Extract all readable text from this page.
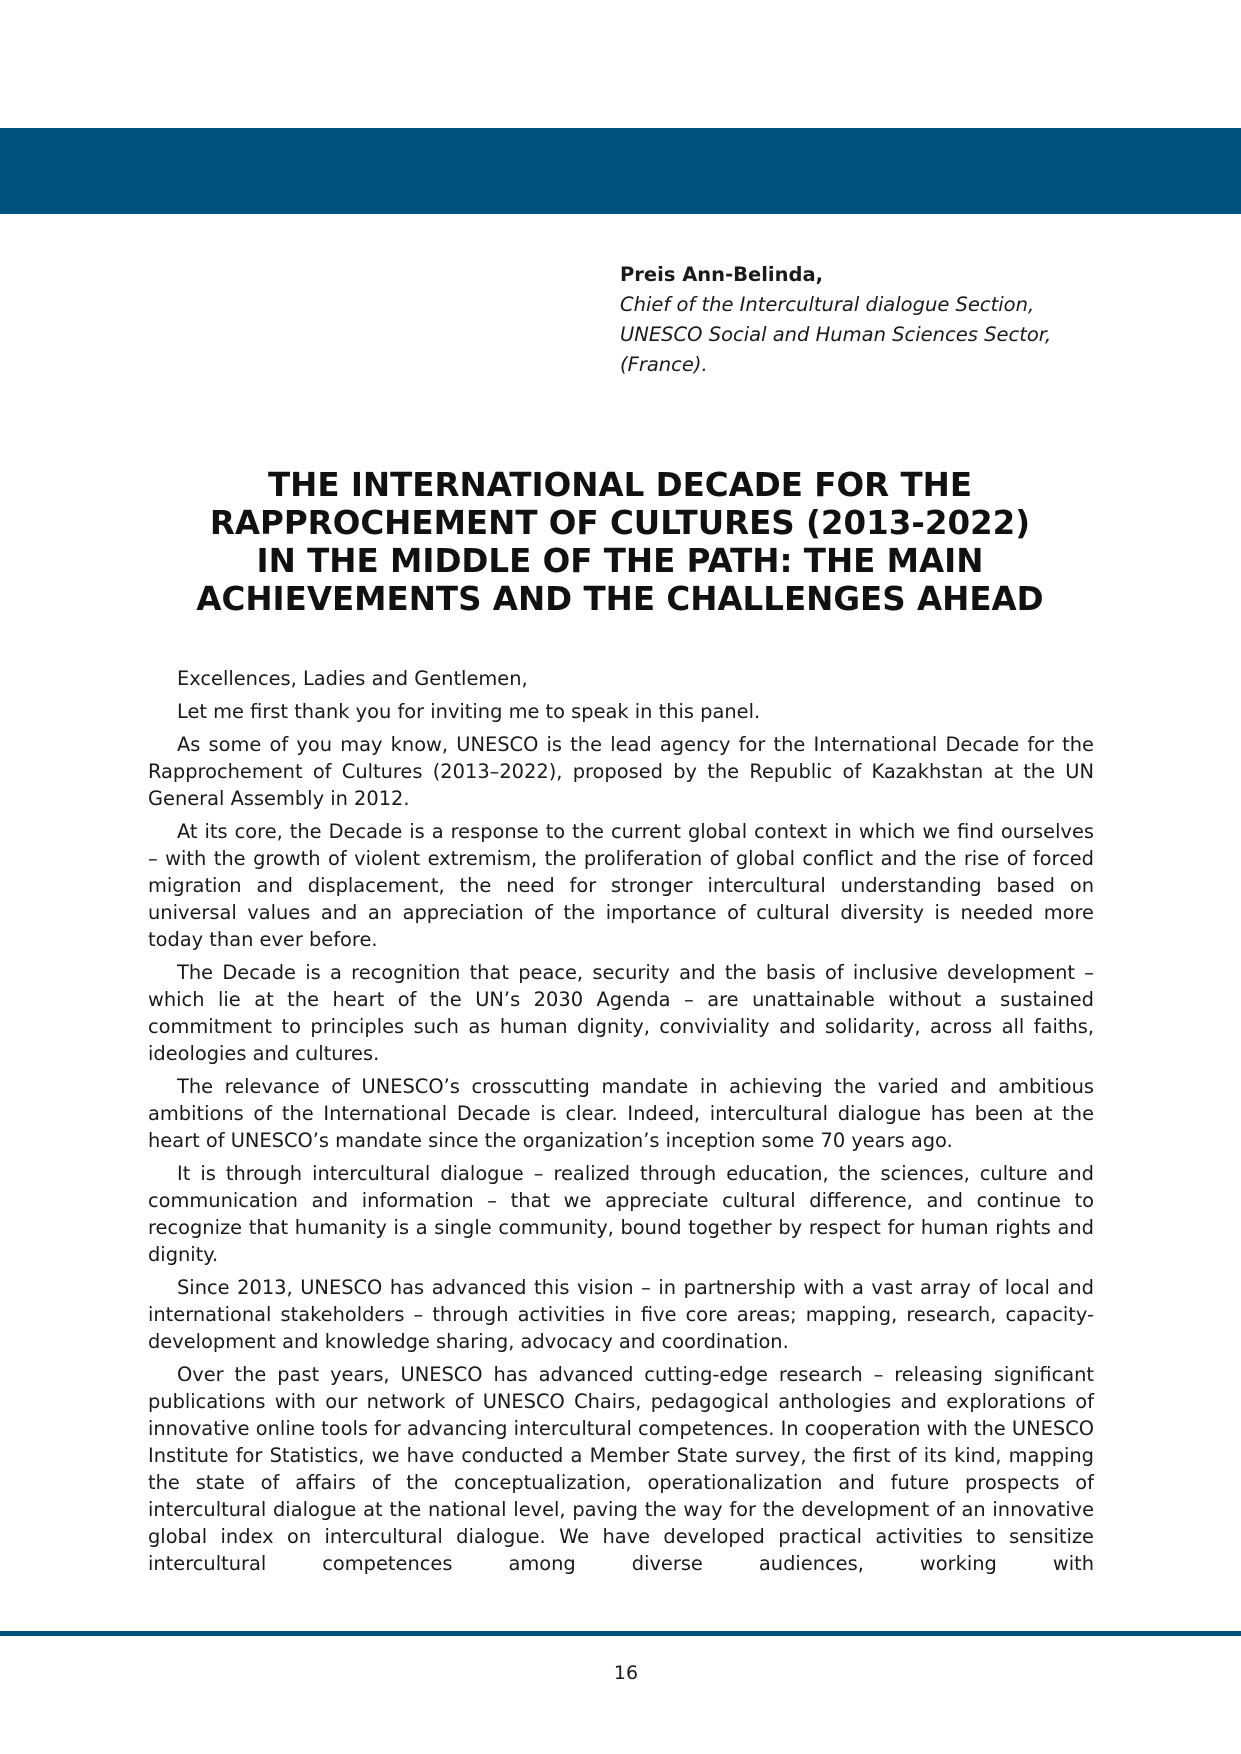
Preis Ann-Belinda,
Chief of the Intercultural dialogue Section,
UNESCO Social and Human Sciences Sector,
(France).
THE INTERNATIONAL DECADE FOR THE
RAPPROCHEMENT OF CULTURES (2013-2022)
IN THE MIDDLE OF THE PATH: THE MAIN
ACHIEVEMENTS AND THE CHALLENGES AHEAD

Excellences, Ladies and Gentlemen,

Let me first thank you for inviting me to speak in this panel.

As some of you may know, UNESCO is the lead agency for the International Decade for the Rapprochement of Cultures (2013–2022), proposed by the Republic of Kazakhstan at the UN General Assembly in 2012.

At its core, the Decade is a response to the current global context in which we find ourselves – with the growth of violent extremism, the proliferation of global conflict and the rise of forced migration and displacement, the need for stronger intercultural understanding based on universal values and an appreciation of the importance of cultural diversity is needed more today than ever before.

The Decade is a recognition that peace, security and the basis of inclusive development – which lie at the heart of the UN’s 2030 Agenda – are unattainable without a sustained commitment to principles such as human dignity, conviviality and solidarity, across all faiths, ideologies and cultures.

The relevance of UNESCO’s crosscutting mandate in achieving the varied and ambitious ambitions of the International Decade is clear. Indeed, intercultural dialogue has been at the heart of UNESCO’s mandate since the organization’s inception some 70 years ago.

It is through intercultural dialogue – realized through education, the sciences, culture and communication and information – that we appreciate cultural difference, and continue to recognize that humanity is a single community, bound together by respect for human rights and dignity.

Since 2013, UNESCO has advanced this vision – in partnership with a vast array of local and international stakeholders – through activities in five core areas; mapping, research, capacity-development and knowledge sharing, advocacy and coordination.

Over the past years, UNESCO has advanced cutting-edge research – releasing significant publications with our network of UNESCO Chairs, pedagogical anthologies and explorations of innovative online tools for advancing intercultural competences. In cooperation with the UNESCO Institute for Statistics, we have conducted a Member State survey, the first of its kind, mapping the state of affairs of the conceptualization, operationalization and future prospects of intercultural dialogue at the national level, paving the way for the development of an innovative global index on intercultural dialogue. We have developed practical activities to sensitize intercultural competences among diverse audiences, working with

16
